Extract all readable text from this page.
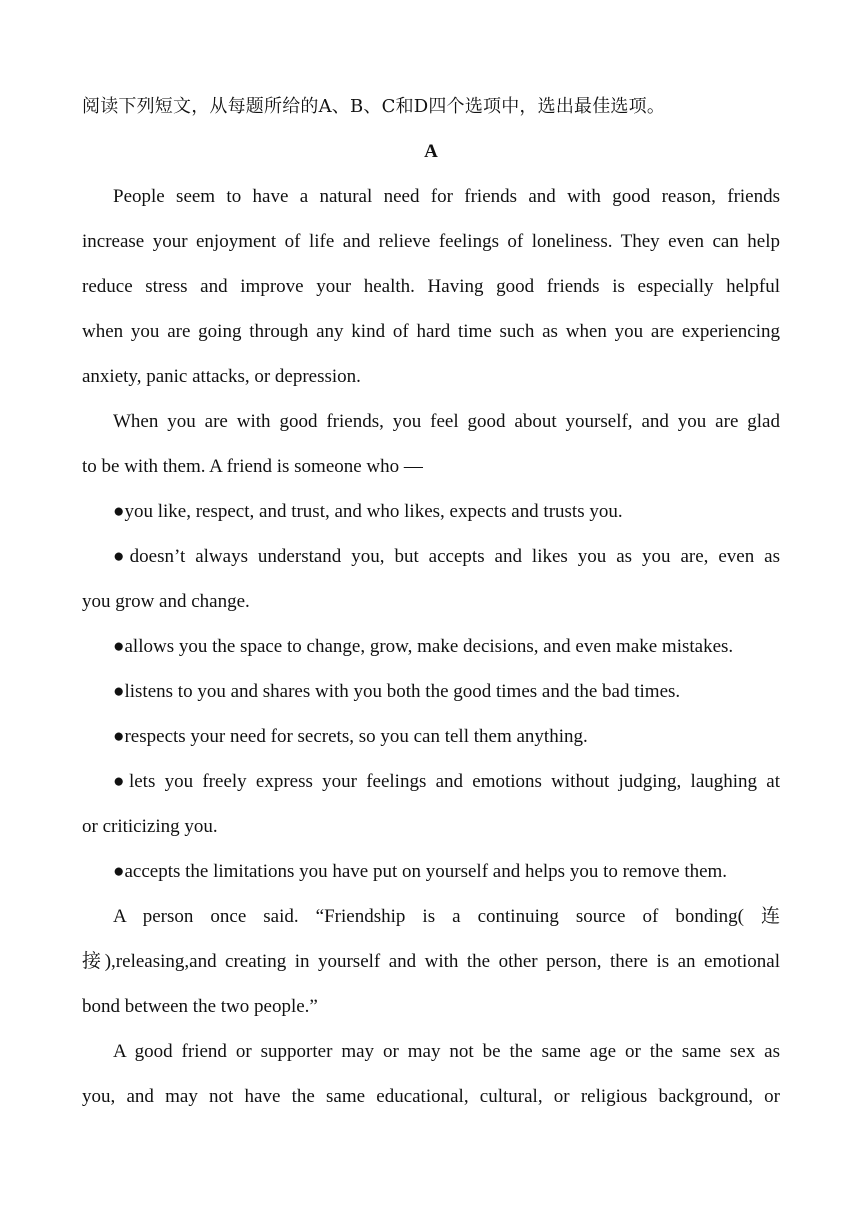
阅读下列短文，从每题所给的A、B、C和D四个选项中，选出最佳选项。
A
People seem to have a natural need for friends and with good reason, friends
increase your enjoyment of life and relieve feelings of loneliness. They even can help
reduce stress and improve your health. Having good friends is especially helpful
when you are going through any kind of hard time such as when you are experiencing
anxiety, panic attacks, or depression.
When you are with good friends, you feel good about yourself, and you are glad
to be with them. A friend is someone who —
●you like, respect, and trust, and who likes, expects and trusts you.
●doesn’t always understand you, but accepts and likes you as you are, even as
you grow and change.
●allows you the space to change, grow, make decisions, and even make mistakes.
●listens to you and shares with you both the good times and the bad times.
●respects your need for secrets, so you can tell them anything.
●lets you freely express your feelings and emotions without judging, laughing at
or criticizing you.
●accepts the limitations you have put on yourself and helps you to remove them.
A person once said. “Friendship is a continuing source of bonding( 连
接),releasing,and creating in yourself and with the other person, there is an emotional
bond between the two people.”
A good friend or supporter may or may not be the same age or the same sex as
you, and may not have the same educational, cultural, or religious background, or
